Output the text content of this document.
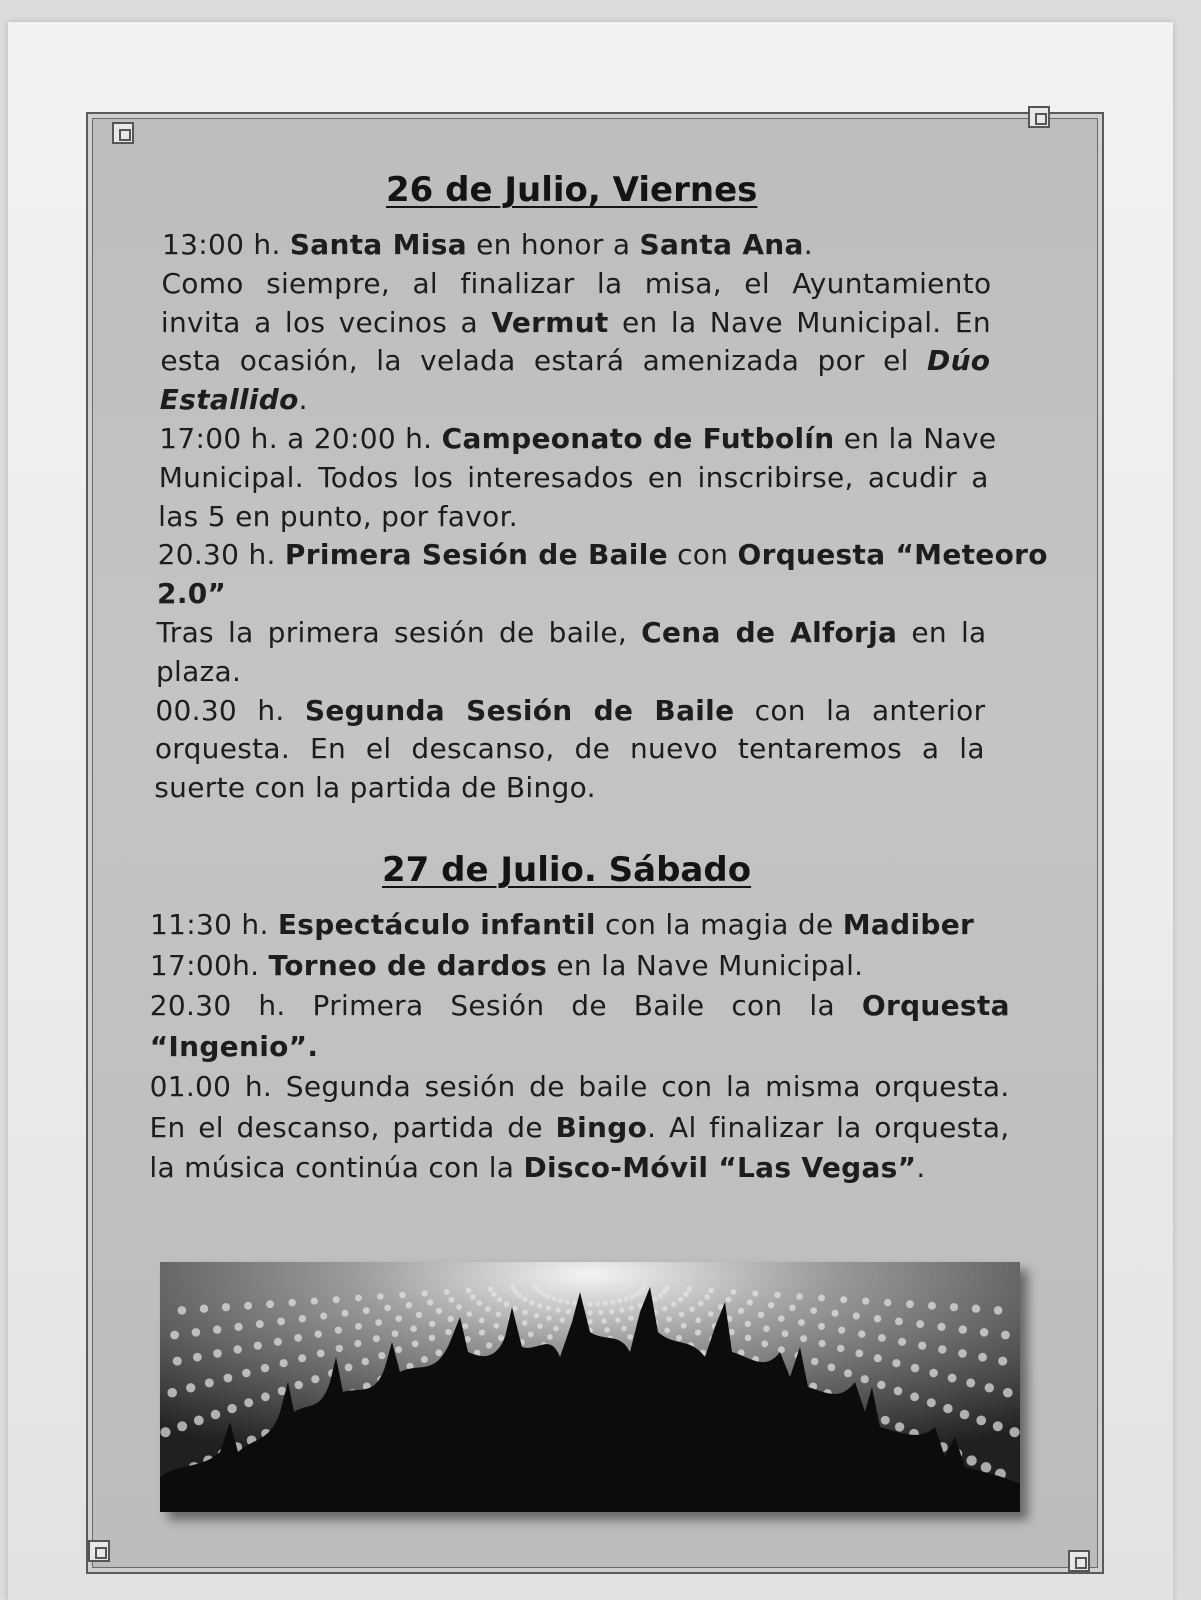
26 de Julio, Viernes
13:00 h. Santa Misa en honor a Santa Ana.
Como siempre, al finalizar la misa, el Ayuntamiento
invita a los vecinos a Vermut en la Nave Municipal. En
esta ocasión, la velada estará amenizada por el Dúo
Estallido.
17:00 h. a 20:00 h. Campeonato de Futbolín en la Nave
Municipal. Todos los interesados en inscribirse, acudir a
las 5 en punto, por favor.
20.30 h. Primera Sesión de Baile con Orquesta “Meteoro
2.0”
Tras la primera sesión de baile, Cena de Alforja en la
plaza.
00.30 h. Segunda Sesión de Baile con la anterior
orquesta. En el descanso, de nuevo tentaremos a la
suerte con la partida de Bingo.
27 de Julio. Sábado
11:30 h. Espectáculo infantil con la magia de Madiber
17:00h. Torneo de dardos en la Nave Municipal.
20.30 h. Primera Sesión de Baile con la Orquesta
“Ingenio”.
01.00 h. Segunda sesión de baile con la misma orquesta.
En el descanso, partida de Bingo. Al finalizar la orquesta,
la música continúa con la Disco-Móvil “Las Vegas”.
